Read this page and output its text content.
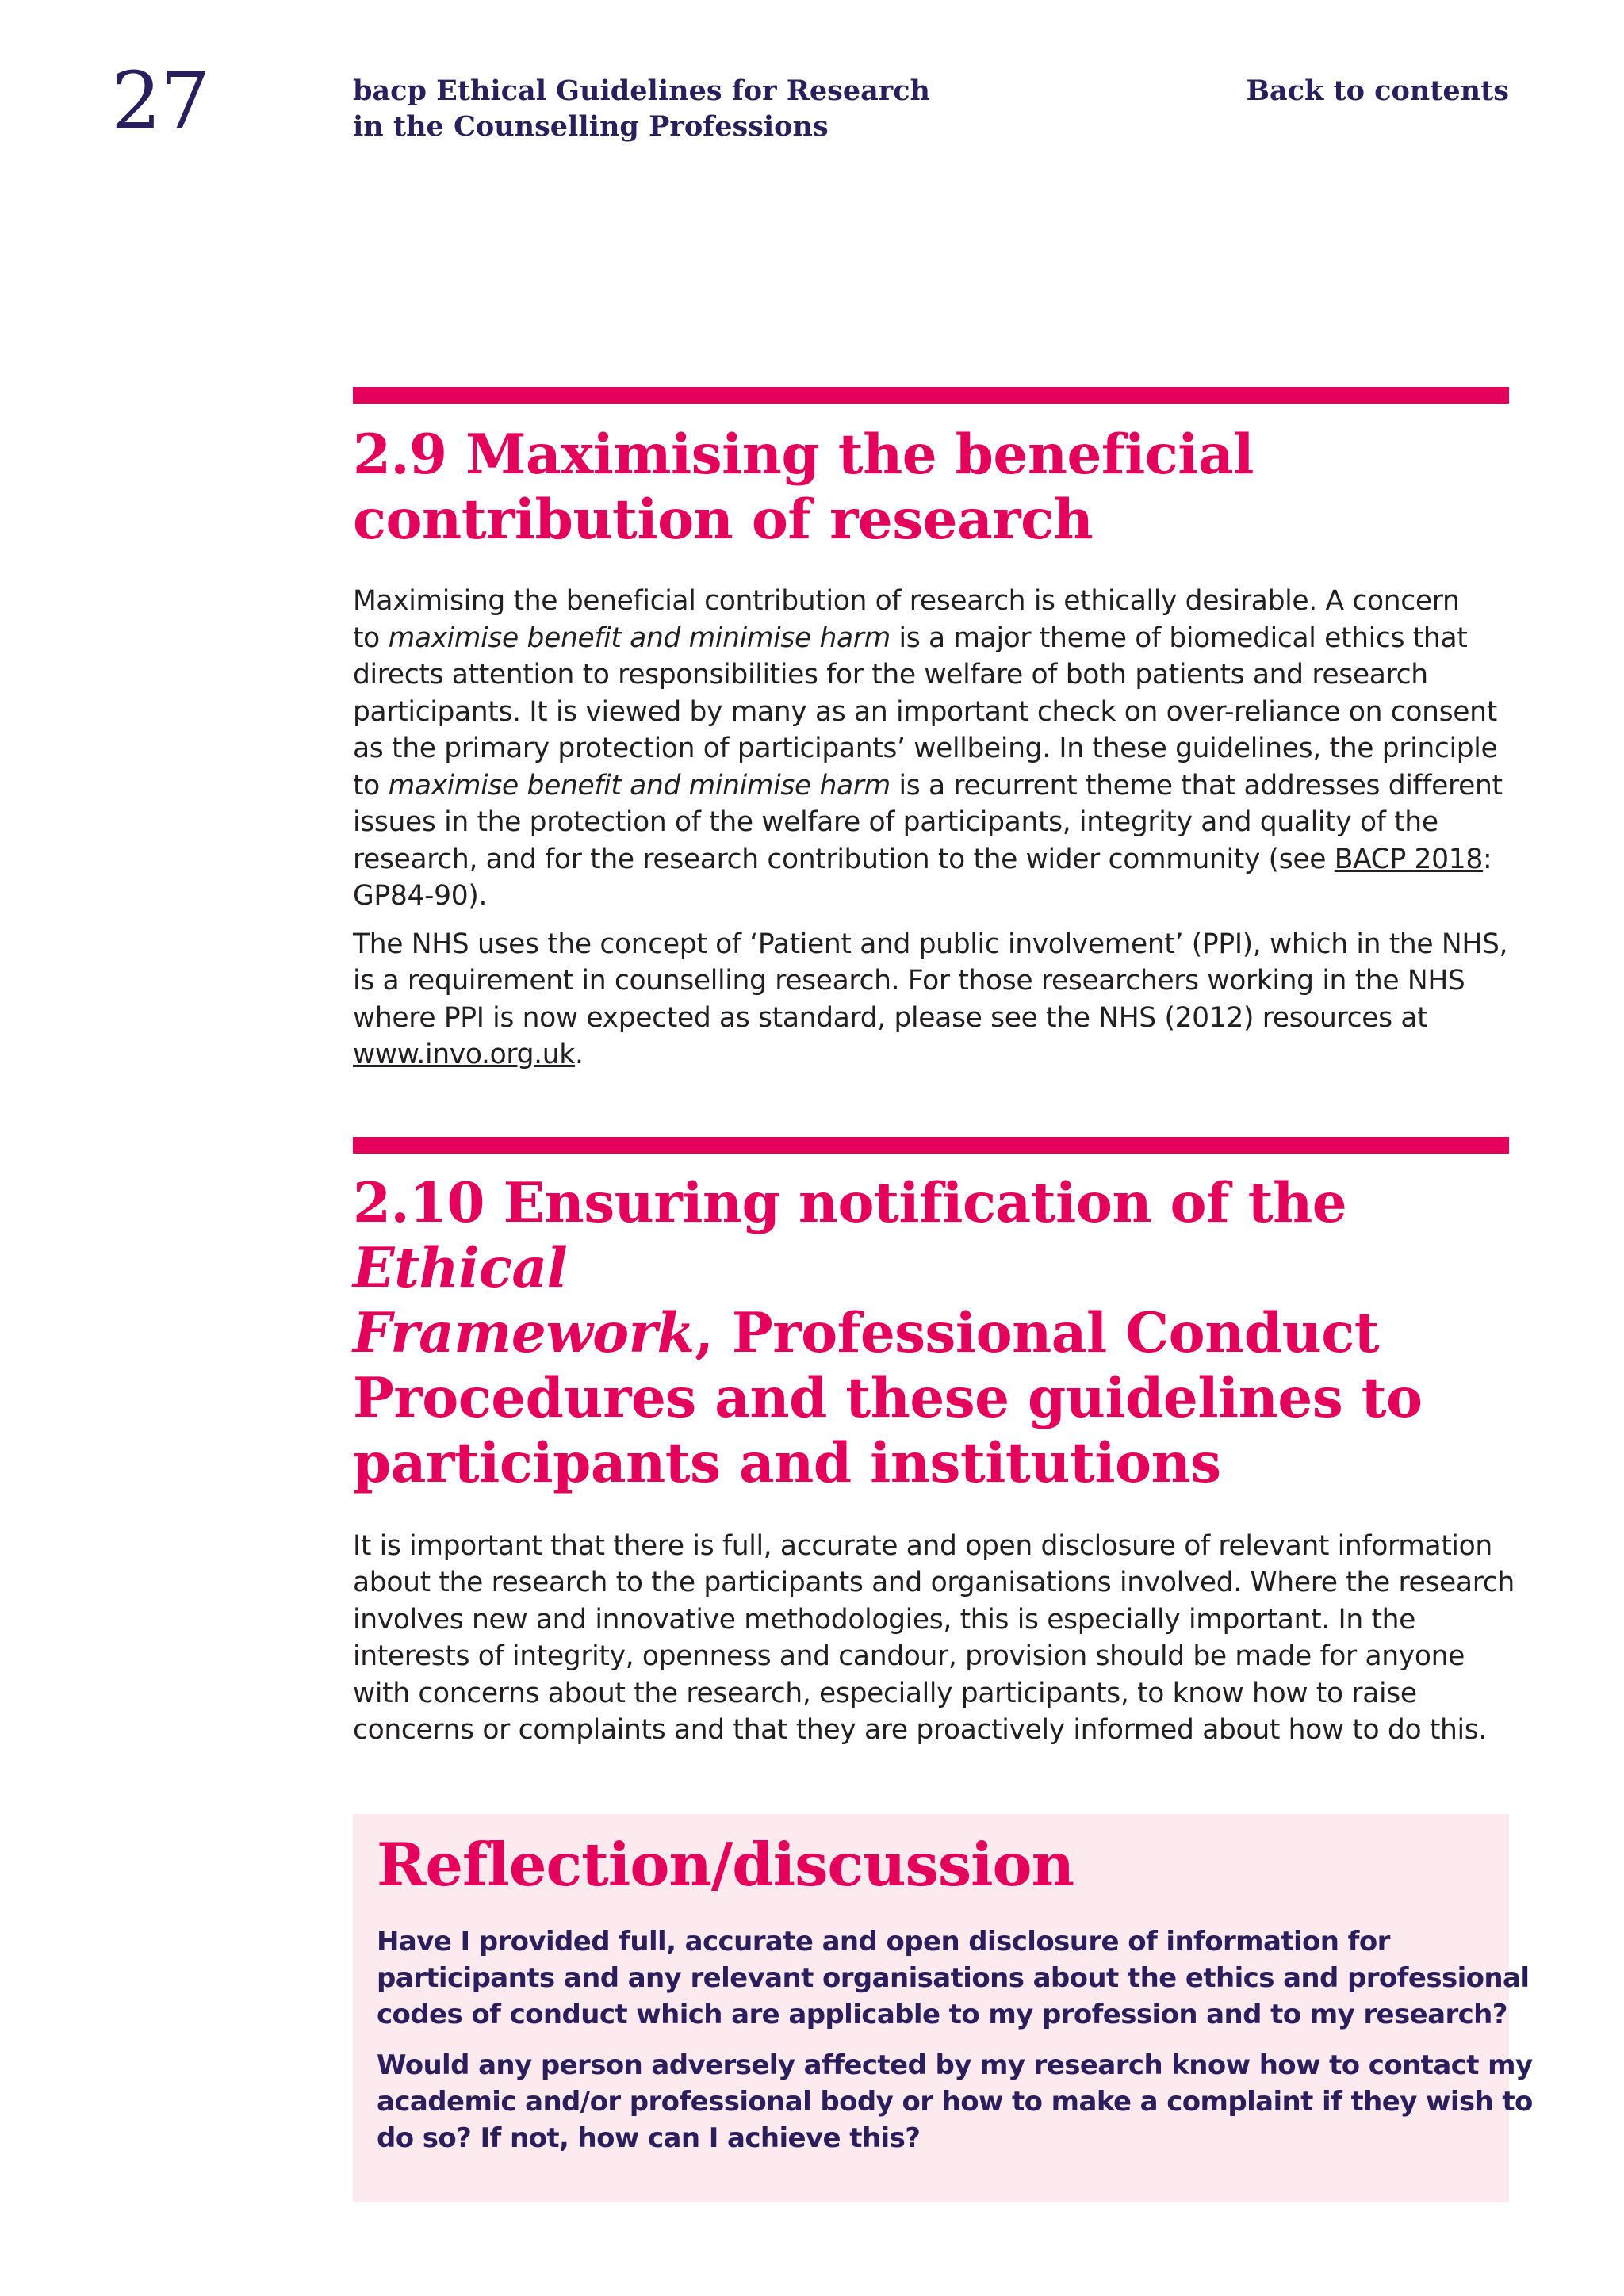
27	bacp Ethical Guidelines for Research
in the Counselling Professions
Back to contents
2.9 Maximising the beneficial
contribution of research

Maximising the beneficial contribution of research is ethically desirable. A concern
to maximise benefit and minimise harm is a major theme of biomedical ethics that
directs attention to responsibilities for the welfare of both patients and research
participants. It is viewed by many as an important check on over-reliance on consent
as the primary protection of participants’ wellbeing. In these guidelines, the principle
to maximise benefit and minimise harm is a recurrent theme that addresses different
issues in the protection of the welfare of participants, integrity and quality of the
research, and for the research contribution to the wider community (see BACP 2018:
GP84-90).

The NHS uses the concept of ‘Patient and public involvement’ (PPI), which in the NHS,
is a requirement in counselling research. For those researchers working in the NHS
where PPI is now expected as standard, please see the NHS (2012) resources at
www.invo.org.uk.

2.10 Ensuring notification of the
Ethical
Framework, Professional Conduct
Procedures and these guidelines to
participants and institutions

It is important that there is full, accurate and open disclosure of relevant information
about the research to the participants and organisations involved. Where the research
involves new and innovative methodologies, this is especially important. In the
interests of integrity, openness and candour, provision should be made for anyone
with concerns about the research, especially participants, to know how to raise
concerns or complaints and that they are proactively informed about how to do this.

Reflection/discussion

Have I provided full, accurate and open disclosure of information for
participants and any relevant organisations about the ethics and professional
codes of conduct which are applicable to my profession and to my research?

Would any person adversely affected by my research know how to contact my
academic and/or professional body or how to make a complaint if they wish to
do so? If not, how can I achieve this?
